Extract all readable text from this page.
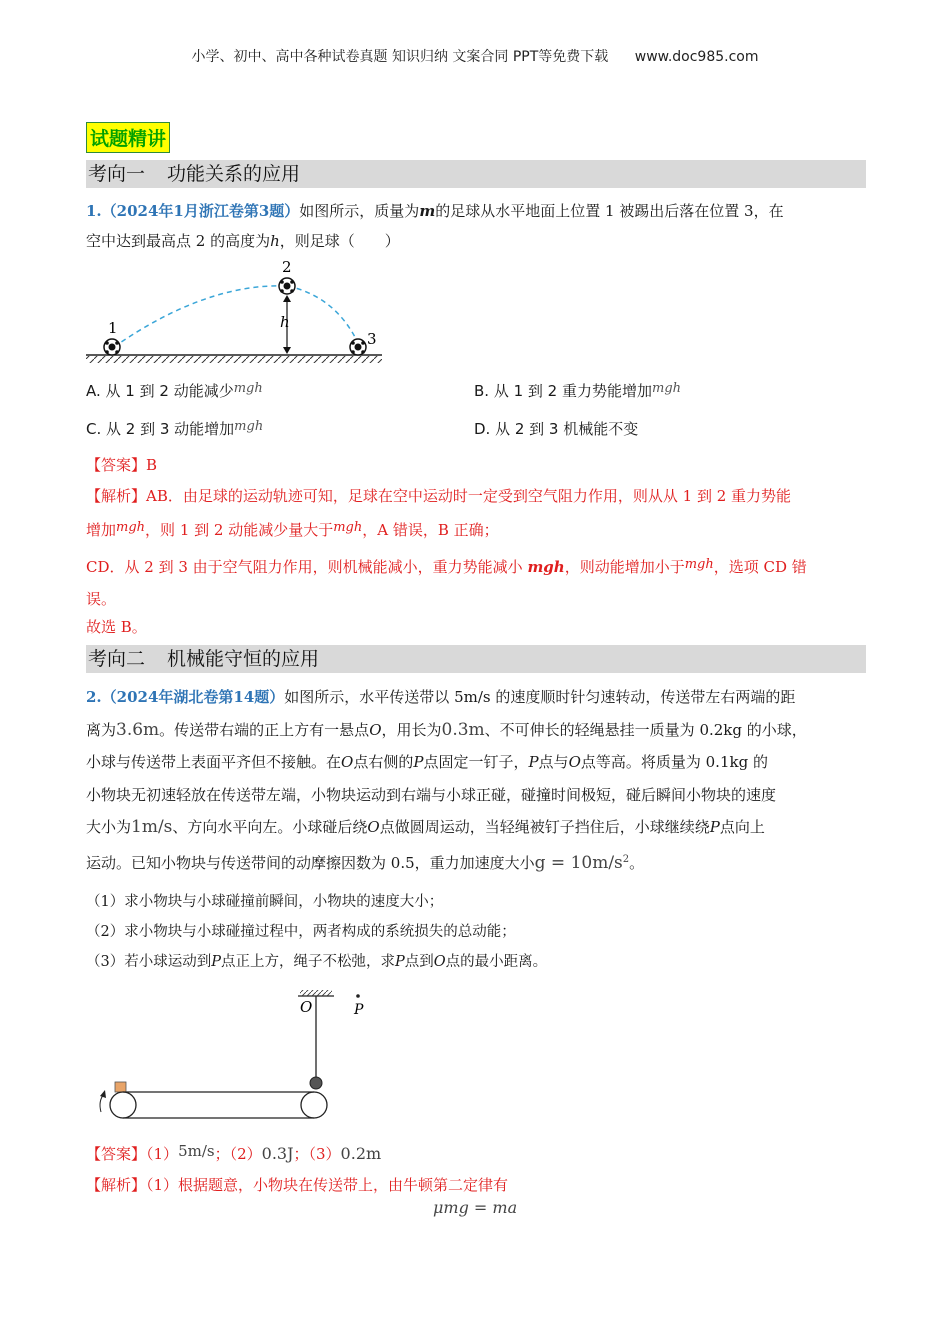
小学、初中、高中各种试卷真题 知识归纳 文案合同 PPT等免费下载 www.doc985.com
试题精讲
考向一 功能关系的应用
1.（2024年1月浙江卷第3题）如图所示，质量为m的足球从水平地面上位置 1 被踢出后落在位置 3，在
空中达到最高点 2 的高度为h，则足球（　　）
1
2
3
h
A. 从 1 到 2 动能减少mgh	B. 从 1 到 2 重力势能增加mgh
C. 从 2 到 3 动能增加mgh	D. 从 2 到 3 机械能不变
【答案】B
【解析】AB．由足球的运动轨迹可知，足球在空中运动时一定受到空气阻力作用，则从从 1 到 2 重力势能
增加mgh，则 1 到 2 动能减少量大于mgh，A 错误，B 正确；
CD．从 2 到 3 由于空气阻力作用，则机械能减小，重力势能减小 mgh，则动能增加小于mgh，选项 CD 错
误。
故选 B。
考向二 机械能守恒的应用
2.（2024年湖北卷第14题）如图所示，水平传送带以 5m/s 的速度顺时针匀速转动，传送带左右两端的距
离为3.6m。传送带右端的正上方有一悬点O，用长为0.3m、不可伸长的轻绳悬挂一质量为 0.2kg 的小球，
小球与传送带上表面平齐但不接触。在O点右侧的P点固定一钉子，P点与O点等高。将质量为 0.1kg 的
小物块无初速轻放在传送带左端，小物块运动到右端与小球正碰，碰撞时间极短，碰后瞬间小物块的速度
大小为1m/s、方向水平向左。小球碰后绕O点做圆周运动，当轻绳被钉子挡住后，小球继续绕P点向上
运动。已知小物块与传送带间的动摩擦因数为 0.5，重力加速度大小$g = 10m/s^2$。
（1）求小物块与小球碰撞前瞬间，小物块的速度大小；
（2）求小物块与小球碰撞过程中，两者构成的系统损失的总动能；
（3）若小球运动到P点正上方，绳子不松弛，求P点到O点的最小距离。
O	P
【答案】（1）5m/s；（2）0.3J；（3）0.2m
【解析】（1）根据题意，小物块在传送带上，由牛顿第二定律有
μmg = ma
